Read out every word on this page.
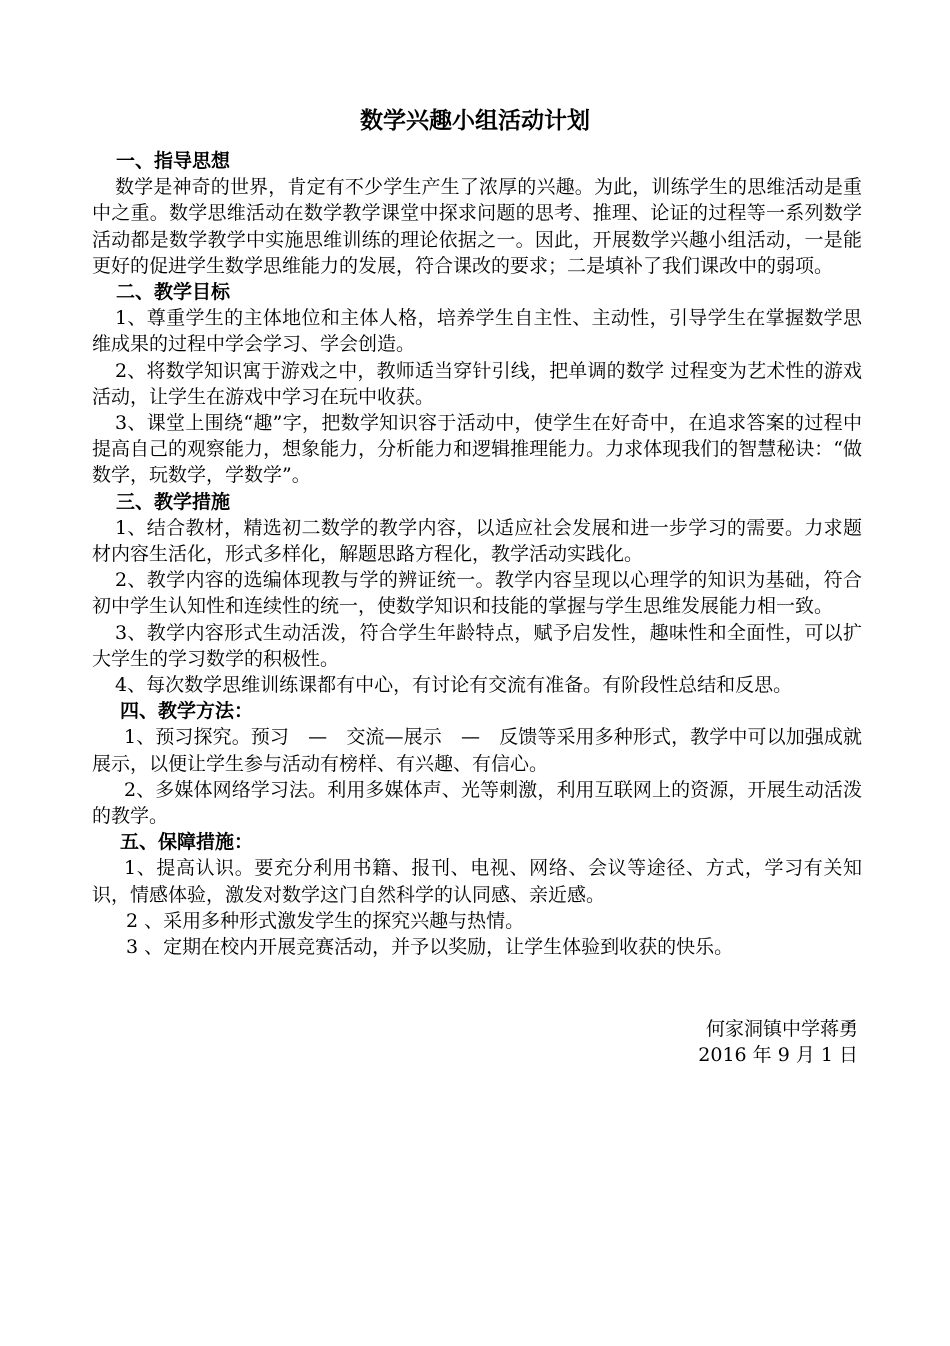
数学兴趣小组活动计划
一、指导思想

数学是神奇的世界，肯定有不少学生产生了浓厚的兴趣。为此，训练学生的思维活动是重中之重。数学思维活动在数学教学课堂中探求问题的思考、推理、论证的过程等一系列数学活动都是数学教学中实施思维训练的理论依据之一。因此，开展数学兴趣小组活动，一是能更好的促进学生数学思维能力的发展，符合课改的要求；二是填补了我们课改中的弱项。

二、教学目标

1、尊重学生的主体地位和主体人格，培养学生自主性、主动性，引导学生在掌握数学思维成果的过程中学会学习、学会创造。

2、将数学知识寓于游戏之中，教师适当穿针引线，把单调的数学 过程变为艺术性的游戏活动，让学生在游戏中学习在玩中收获。

3、课堂上围绕“趣”字，把数学知识容于活动中，使学生在好奇中，在追求答案的过程中提高自己的观察能力，想象能力，分析能力和逻辑推理能力。力求体现我们的智慧秘诀：“做数学，玩数学，学数学”。

三、教学措施

1、结合教材，精选初二数学的教学内容，以适应社会发展和进一步学习的需要。力求题材内容生活化，形式多样化，解题思路方程化，教学活动实践化。

2、教学内容的选编体现教与学的辨证统一。教学内容呈现以心理学的知识为基础，符合初中学生认知性和连续性的统一，使数学知识和技能的掌握与学生思维发展能力相一致。

3、教学内容形式生动活泼，符合学生年龄特点，赋予启发性，趣味性和全面性，可以扩大学生的学习数学的积极性。

4、每次数学思维训练课都有中心，有讨论有交流有准备。有阶段性总结和反思。

四、教学方法：

1、预习探究。预习　—　交流—展示　—　反馈等采用多种形式，教学中可以加强成就展示，以便让学生参与活动有榜样、有兴趣、有信心。

2、多媒体网络学习法。利用多媒体声、光等刺激，利用互联网上的资源，开展生动活泼的教学。

五、保障措施：

1、提高认识。要充分利用书籍、报刊、电视、网络、会议等途径、方式，学习有关知识，情感体验，激发对数学这门自然科学的认同感、亲近感。

2 、采用多种形式激发学生的探究兴趣与热情。

3 、定期在校内开展竞赛活动，并予以奖励，让学生体验到收获的快乐。

何家洞镇中学蒋勇
2016 年 9 月 1 日
